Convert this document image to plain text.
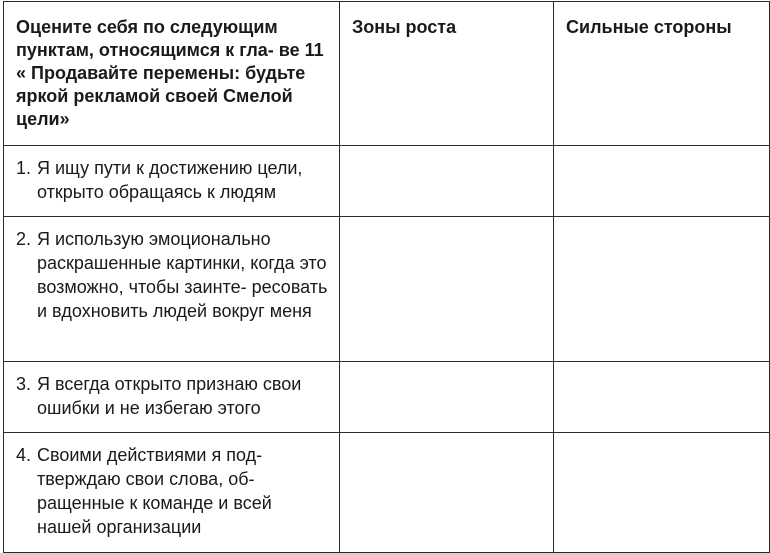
Оцените себя по следующим пунктам, относящимся к гла- ве 11 « Продавайте перемены: будьте яркой рекламой своей Смелой цели»	Зоны роста	Сильные стороны

1. Я ищу пути к достижению цели, открыто обращаясь к людям		

2. Я использую эмоционально раскрашенные картинки, когда это возможно, чтобы заинте- ресовать и вдохновить людей вокруг меня		

3. Я всегда открыто признаю свои ошибки и не избегаю этого		

4. Своими действиями я под- тверждаю свои слова, об- ращенные к команде и всей нашей организации		
